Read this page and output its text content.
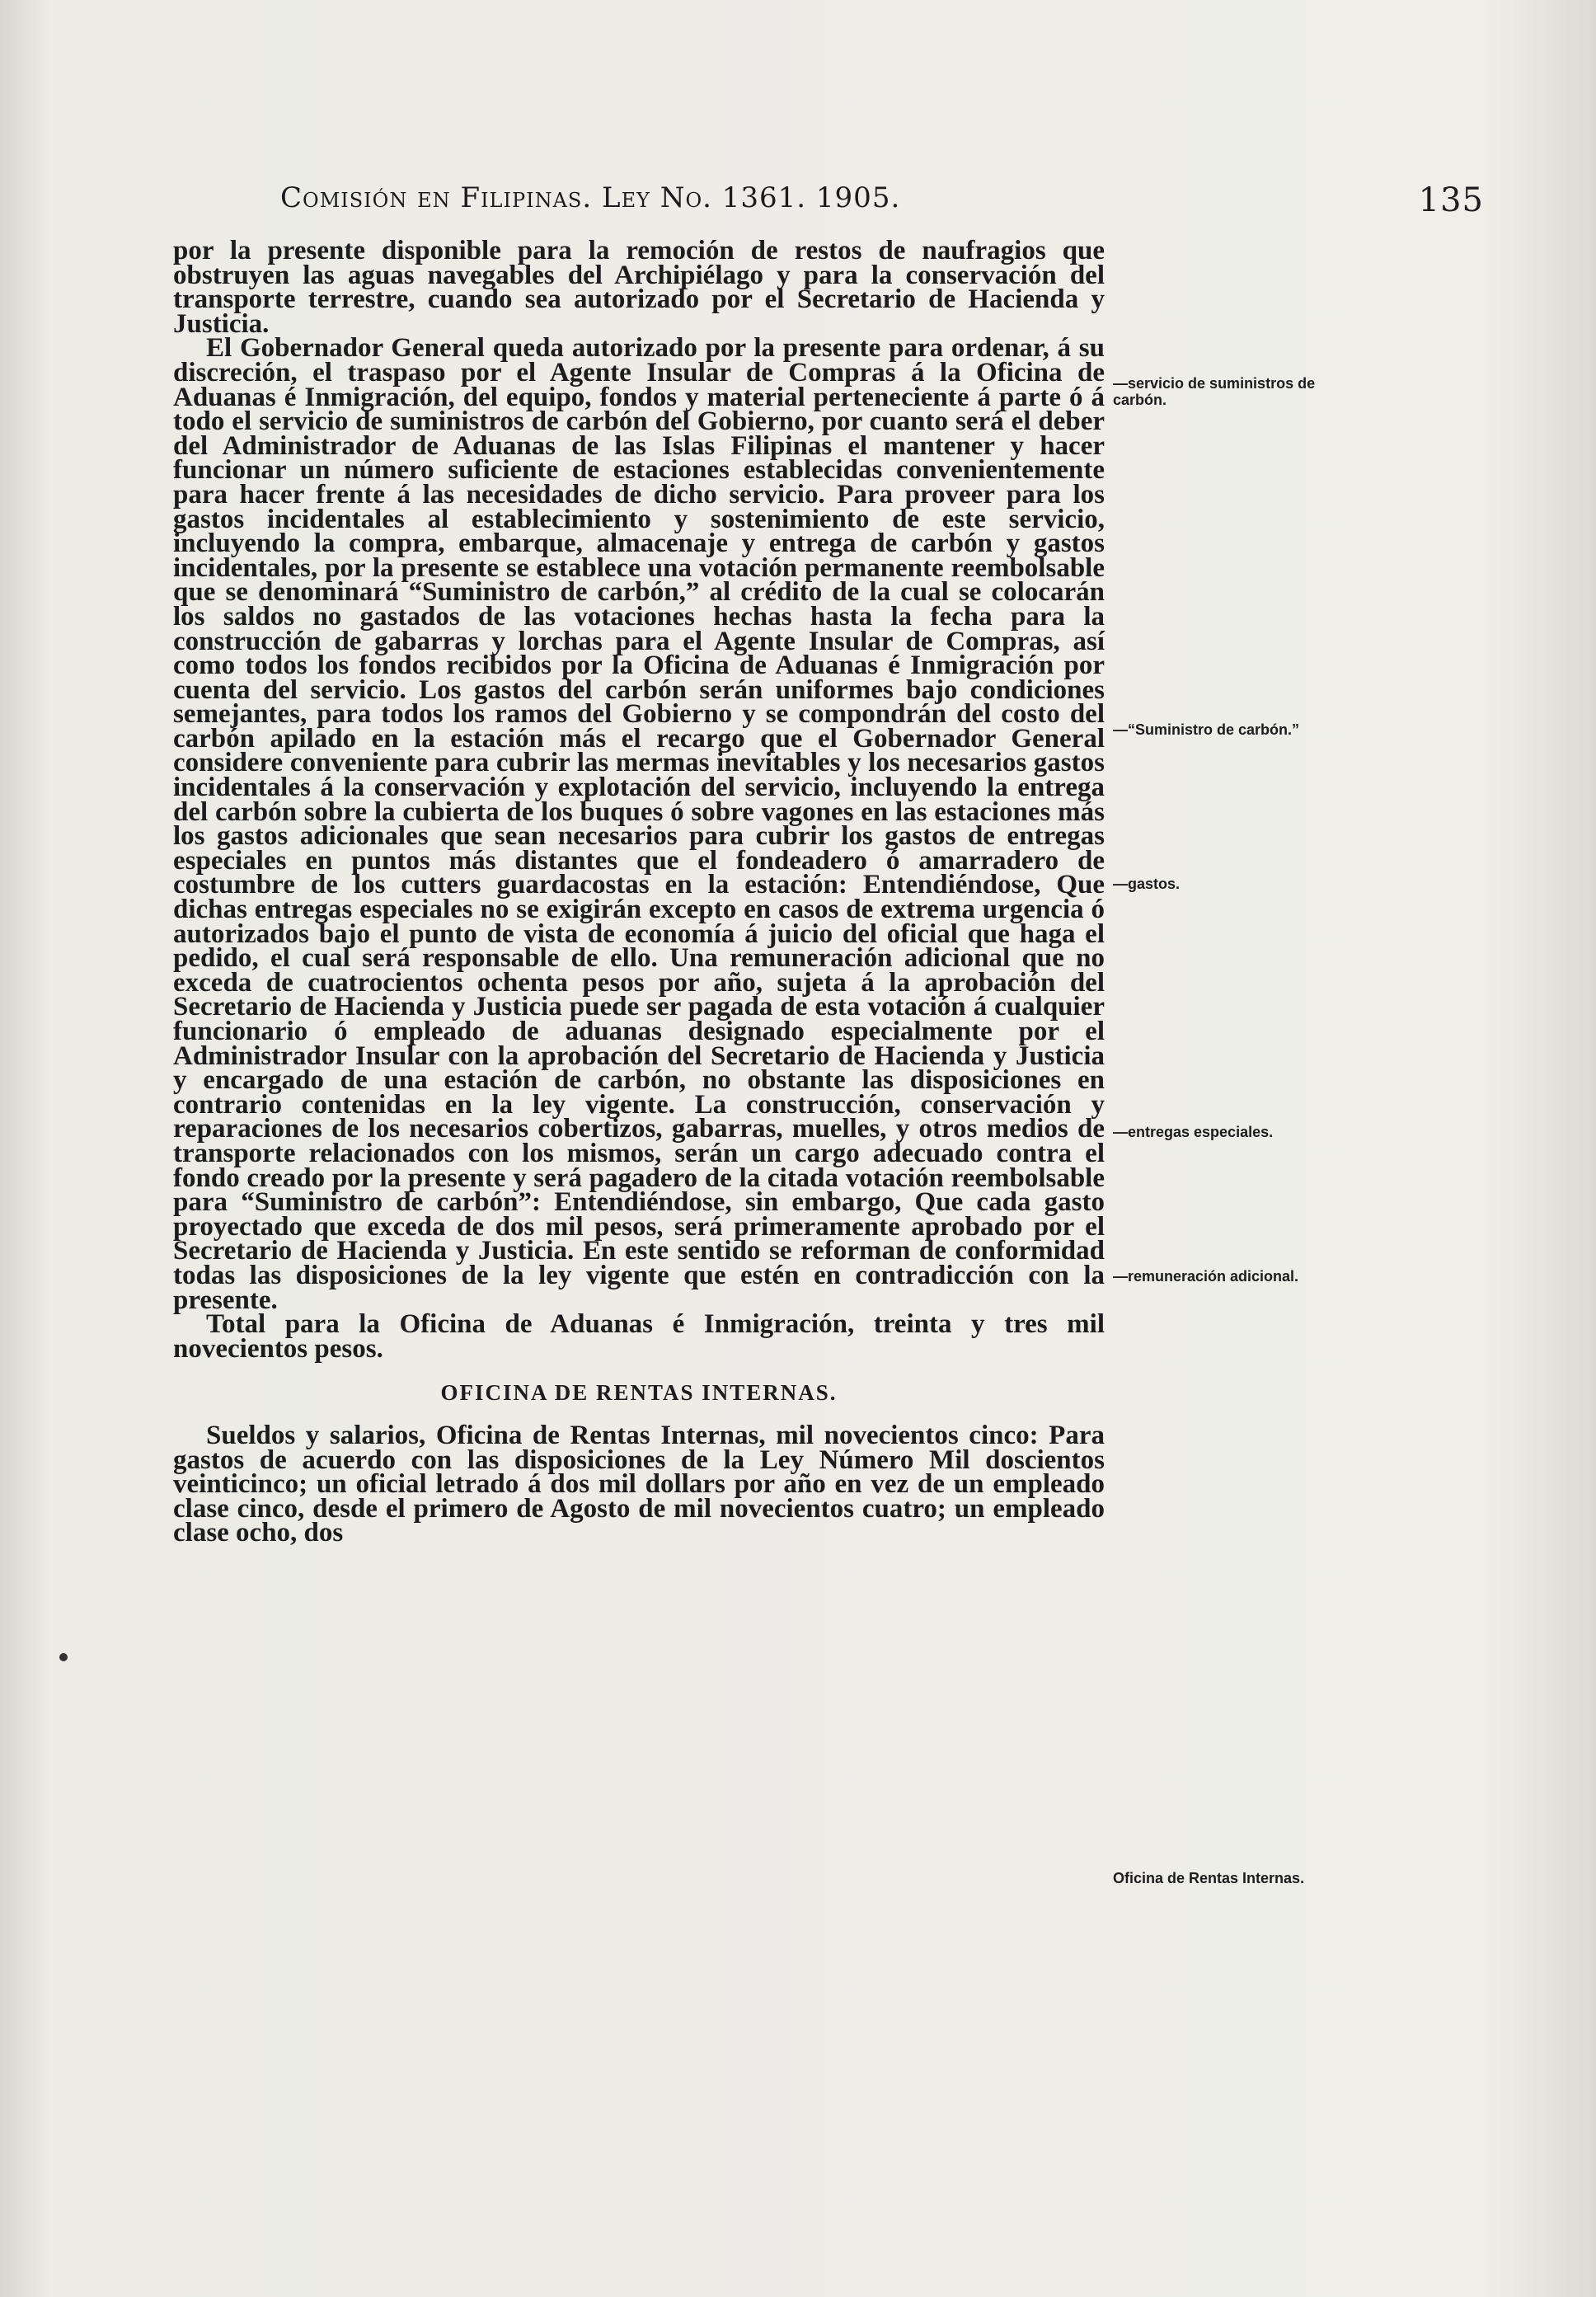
Comisión en Filipinas. Ley No. 1361. 1905.	135

por la presente disponible para la remoción de restos de naufragios que obstruyen las aguas navegables del Archipiélago y para la conservación del transporte terrestre, cuando sea autorizado por el Secretario de Hacienda y Justicia.

El Gobernador General queda autorizado por la presente para ordenar, á su discreción, el traspaso por el Agente Insular de Compras á la Oficina de Aduanas é Inmigración, del equipo, fondos y material perteneciente á parte ó á todo el servicio de suministros de carbón del Gobierno, por cuanto será el deber del Administrador de Aduanas de las Islas Filipinas el mantener y hacer funcionar un número suficiente de estaciones establecidas convenientemente para hacer frente á las necesidades de dicho servicio. Para proveer para los gastos incidentales al establecimiento y sostenimiento de este servicio, incluyendo la compra, embarque, almacenaje y entrega de carbón y gastos incidentales, por la presente se establece una votación permanente reembolsable que se denominará “Suministro de carbón,” al crédito de la cual se colocarán los saldos no gastados de las votaciones hechas hasta la fecha para la construcción de gabarras y lorchas para el Agente Insular de Compras, así como todos los fondos recibidos por la Oficina de Aduanas é Inmigración por cuenta del servicio. Los gastos del carbón serán uniformes bajo condiciones semejantes, para todos los ramos del Gobierno y se compondrán del costo del carbón apilado en la estación más el recargo que el Gobernador General considere conveniente para cubrir las mermas inevitables y los necesarios gastos incidentales á la conservación y explotación del servicio, incluyendo la entrega del carbón sobre la cubierta de los buques ó sobre vagones en las estaciones más los gastos adicionales que sean necesarios para cubrir los gastos de entregas especiales en puntos más distantes que el fondeadero ó amarradero de costumbre de los cutters guardacostas en la estación: Entendiéndose, Que dichas entregas especiales no se exigirán excepto en casos de extrema urgencia ó autorizados bajo el punto de vista de economía á juicio del oficial que haga el pedido, el cual será responsable de ello. Una remuneración adicional que no exceda de cuatrocientos ochenta pesos por año, sujeta á la aprobación del Secretario de Hacienda y Justicia puede ser pagada de esta votación á cualquier funcionario ó empleado de aduanas designado especialmente por el Administrador Insular con la aprobación del Secretario de Hacienda y Justicia y encargado de una estación de carbón, no obstante las disposiciones en contrario contenidas en la ley vigente. La construcción, conservación y reparaciones de los necesarios cobertizos, gabarras, muelles, y otros medios de transporte relacionados con los mismos, serán un cargo adecuado contra el fondo creado por la presente y será pagadero de la citada votación reembolsable para “Suministro de carbón”: Entendiéndose, sin embargo, Que cada gasto proyectado que exceda de dos mil pesos, será primeramente aprobado por el Secretario de Hacienda y Justicia. En este sentido se reforman de conformidad todas las disposiciones de la ley vigente que estén en contradicción con la presente.

Total para la Oficina de Aduanas é Inmigración, treinta y tres mil novecientos pesos.

OFICINA DE RENTAS INTERNAS.

Sueldos y salarios, Oficina de Rentas Internas, mil novecientos cinco: Para gastos de acuerdo con las disposiciones de la Ley Número Mil doscientos veinticinco; un oficial letrado á dos mil dollars por año en vez de un empleado clase cinco, desde el primero de Agosto de mil novecientos cuatro; un empleado clase ocho, dos

—servicio de suministros de carbón.
—“Suministro de carbón.”
—gastos.
—entregas especiales.
—remuneración adicional.
Oficina de Rentas Internas.
